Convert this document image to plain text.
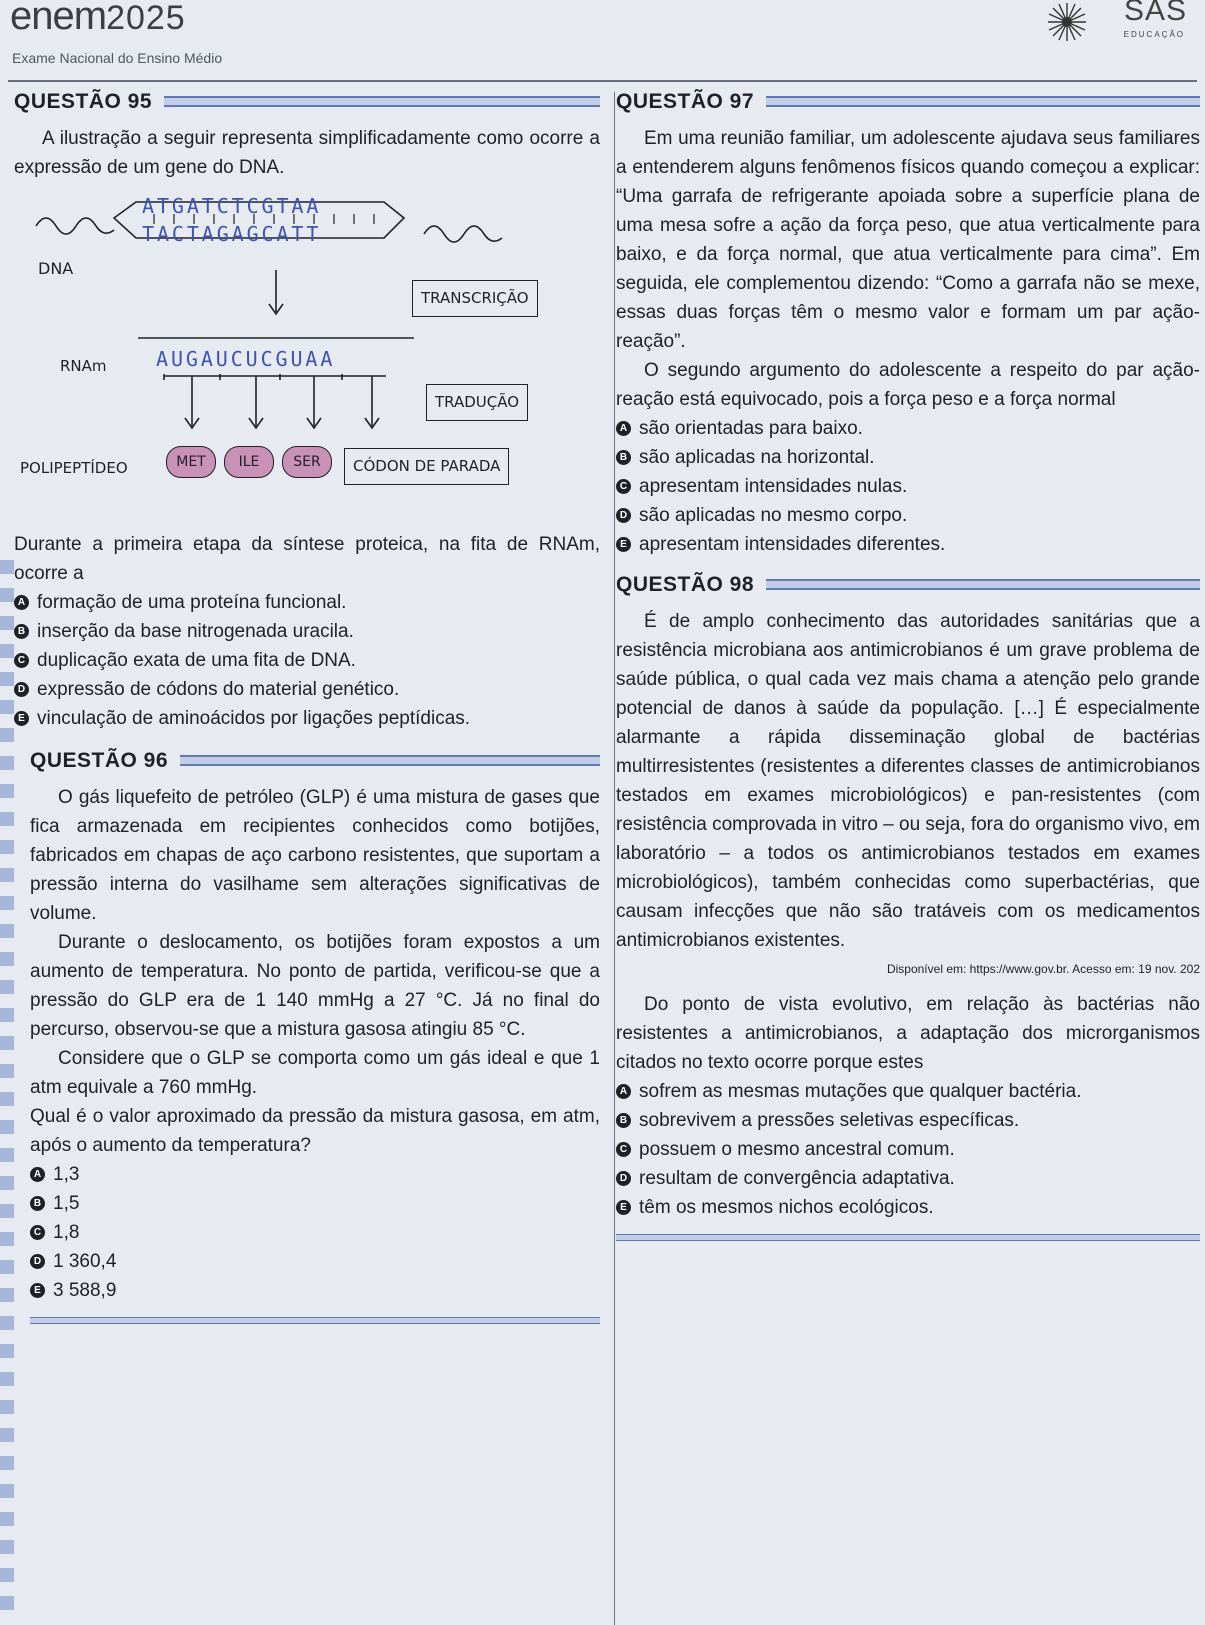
enem2025
Exame Nacional do Ensino Médio
SAS
EDUCAÇÃO
QUESTÃO 95

A ilustração a seguir representa simplificadamente como ocorre a expressão de um gene do DNA.

DNA
ATGATCTCGTAA
TACTAGAGCATT
TRANSCRIÇÃO
RNAm AUGAUCUCGUAA
TRADUÇÃO
POLIPEPTÍDEO	MET	ILE	SER	CÓDON DE PARADA

Durante a primeira etapa da síntese proteica, na fita de RNAm, ocorre a

A formação de uma proteína funcional.
B inserção da base nitrogenada uracila.
C duplicação exata de uma fita de DNA.
D expressão de códons do material genético.
E vinculação de aminoácidos por ligações peptídicas.
QUESTÃO 96

O gás liquefeito de petróleo (GLP) é uma mistura de gases que fica armazenada em recipientes conhecidos como botijões, fabricados em chapas de aço carbono resistentes, que suportam a pressão interna do vasilhame sem alterações significativas de volume.

Durante o deslocamento, os botijões foram expostos a um aumento de temperatura. No ponto de partida, verificou-se que a pressão do GLP era de 1 140 mmHg a 27 °C. Já no final do percurso, observou-se que a mistura gasosa atingiu 85 °C.

Considere que o GLP se comporta como um gás ideal e que 1 atm equivale a 760 mmHg.

Qual é o valor aproximado da pressão da mistura gasosa, em atm, após o aumento da temperatura?

A 1,3
B 1,5
C 1,8
D 1 360,4
E 3 588,9
QUESTÃO 97

Em uma reunião familiar, um adolescente ajudava seus familiares a entenderem alguns fenômenos físicos quando começou a explicar: “Uma garrafa de refrigerante apoiada sobre a superfície plana de uma mesa sofre a ação da força peso, que atua verticalmente para baixo, e da força normal, que atua verticalmente para cima”. Em seguida, ele complementou dizendo: “Como a garrafa não se mexe, essas duas forças têm o mesmo valor e formam um par ação-reação”.

O segundo argumento do adolescente a respeito do par ação-reação está equivocado, pois a força peso e a força normal

A são orientadas para baixo.
B são aplicadas na horizontal.
C apresentam intensidades nulas.
D são aplicadas no mesmo corpo.
E apresentam intensidades diferentes.
QUESTÃO 98

É de amplo conhecimento das autoridades sanitárias que a resistência microbiana aos antimicrobianos é um grave problema de saúde pública, o qual cada vez mais chama a atenção pelo grande potencial de danos à saúde da população. […] É especialmente alarmante a rápida disseminação global de bactérias multirresistentes (resistentes a diferentes classes de antimicrobianos testados em exames microbiológicos) e pan-resistentes (com resistência comprovada in vitro – ou seja, fora do organismo vivo, em laboratório – a todos os antimicrobianos testados em exames microbiológicos), também conhecidas como superbactérias, que causam infecções que não são tratáveis com os medicamentos antimicrobianos existentes.

Disponível em: https://www.gov.br. Acesso em: 19 nov. 202

Do ponto de vista evolutivo, em relação às bactérias não resistentes a antimicrobianos, a adaptação dos microrganismos citados no texto ocorre porque estes

A sofrem as mesmas mutações que qualquer bactéria.
B sobrevivem a pressões seletivas específicas.
C possuem o mesmo ancestral comum.
D resultam de convergência adaptativa.
E têm os mesmos nichos ecológicos.
